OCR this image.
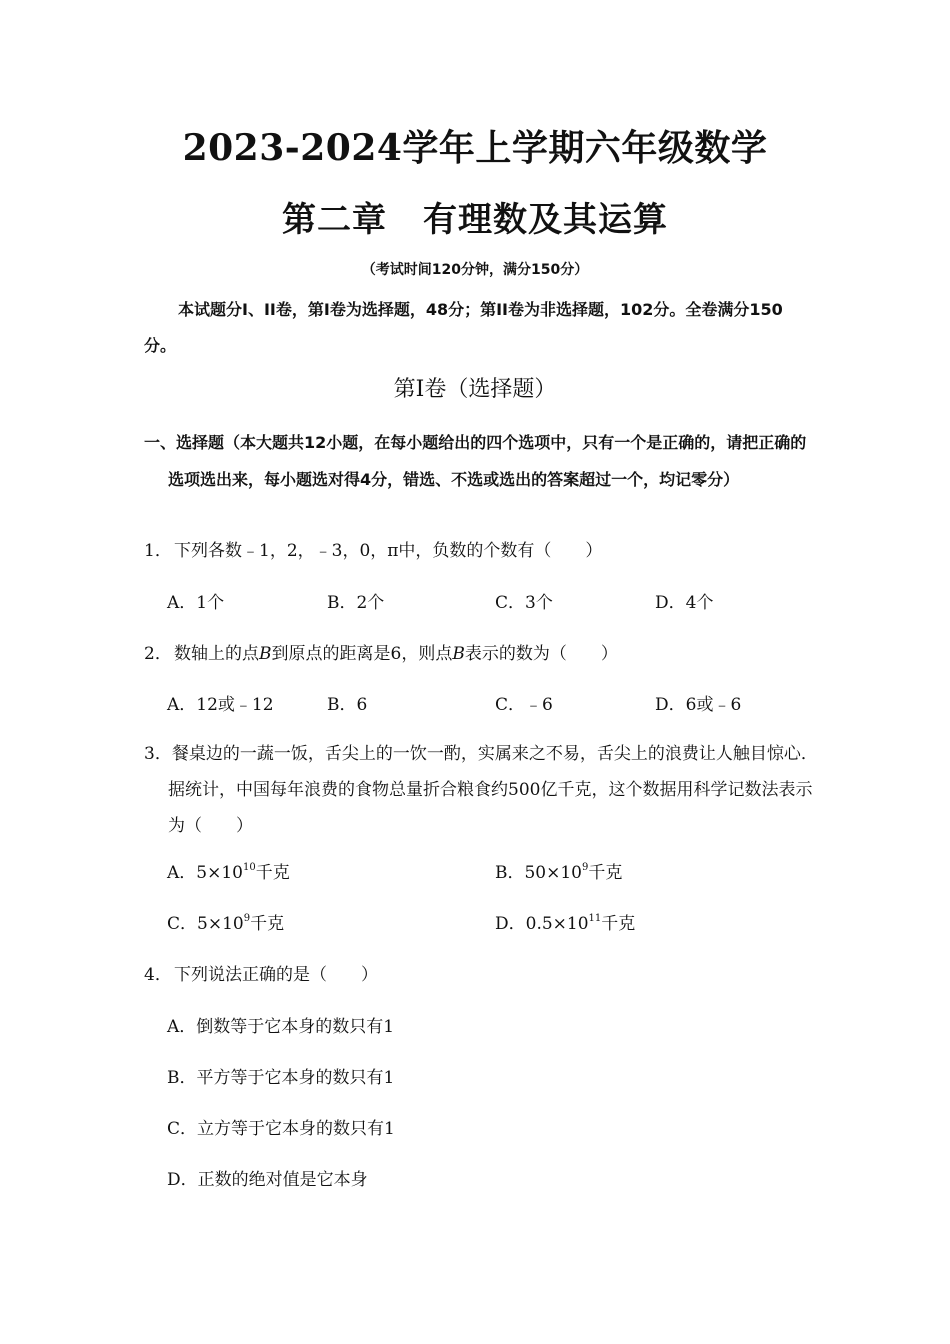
2023-2024学年上学期六年级数学
第二章 有理数及其运算
（考试时间120分钟，满分150分）
本试题分I、II卷，第I卷为选择题，48分；第II卷为非选择题，102分。全卷满分150分。
第I卷（选择题）
一、选择题（本大题共12小题，在每小题给出的四个选项中，只有一个是正确的，请把正确的选项选出来，每小题选对得4分，错选、不选或选出的答案超过一个，均记零分）
1． 下列各数﹣1，2，﹣3，0，π中，负数的个数有（　　）
A．1个	B．2个	C．3个	D．4个
2． 数轴上的点B到原点的距离是6，则点B表示的数为（　　）
A．12或﹣12	B．6	C．﹣6	D．6或﹣6
3．餐桌边的一蔬一饭，舌尖上的一饮一酌，实属来之不易，舌尖上的浪费让人触目惊心．据统计，中国每年浪费的食物总量折合粮食约500亿千克，这个数据用科学记数法表示为（　　）
A．$5\times 10^{10}$千克	B．$50\times 10^9$千克
C．$5\times 10^9$千克	D．$0.5\times 10^{11}$千克
4． 下列说法正确的是（　　）
A．倒数等于它本身的数只有1
B．平方等于它本身的数只有1
C．立方等于它本身的数只有1
D．正数的绝对值是它本身
